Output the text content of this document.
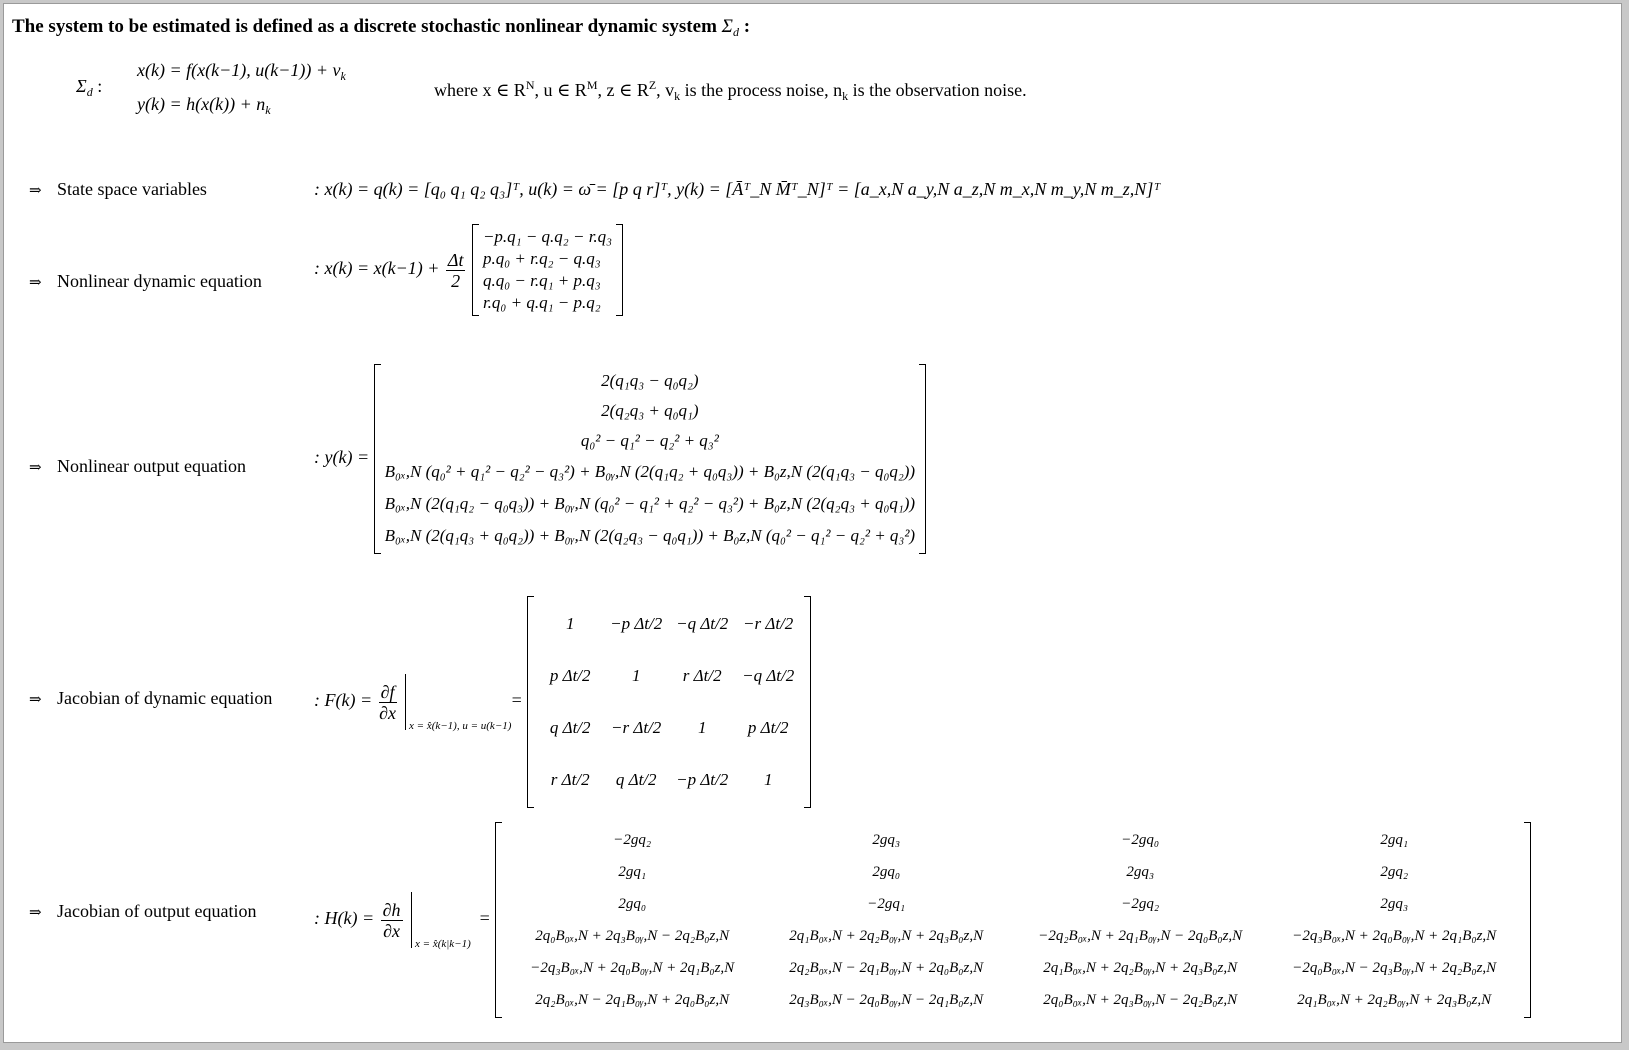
The system to be estimated is defined as a discrete stochastic nonlinear dynamic system $\Sigma_d$ :
$\Sigma_d$ :
x(k) = f(x(k−1), $u(k-1)) + v_k$
$y(k) = h(x(k)) + n_k$
where x ∈ $R^N$, u ∈ $R^M$, z ∈ $R^Z$, $v_k$ is the process noise, $n_k$ is the observation noise.
⇒ State space variables	: x(k) = q(k) = [q₀ q₁ q₂ q₃]ᵀ, u(k) = ω̄ = [p q r]ᵀ, y(k) = [Āᵀ_N M̄ᵀ_N]ᵀ = [a_x,N a_y,N a_z,N m_x,N m_y,N m_z,N]ᵀ
⇒ Nonlinear dynamic equation
: $x(k) = x(k-1) + \frac{\Delta t}{2}$

−p.q₁ − q.q₂ − r.q₃
p.q₀ + r.q₂ − q.q₃
q.q₀ − r.q₁ + p.q₃
r.q₀ + q.q₁ − p.q₂
⇒ Nonlinear output equation	: y(k) =
2(q₁q₃ − q₀q₂)
2(q₂q₃ + q₀q₁)
q₀² − q₁² − q₂² + q₃²
B₀ₓ,N (q₀² + q₁² − q₂² − q₃²) + B₀ᵧ,N (2(q₁q₂ + q₀q₃)) + B₀z,N (2(q₁q₃ − q₀q₂))
B₀ₓ,N (2(q₁q₂ − q₀q₃)) + B₀ᵧ,N (q₀² − q₁² + q₂² − q₃²) + B₀z,N (2(q₂q₃ + q₀q₁))
B₀ₓ,N (2(q₁q₃ + q₀q₂)) + B₀ᵧ,N (2(q₂q₃ − q₀q₁)) + B₀z,N (q₀² − q₁² − q₂² + q₃²)
⇒ Jacobian of dynamic equation : $F(k) = \frac{\partial f}{\partial x}$

x = x̂(k−1), u = u(k−1)
=
1	−p Δt/2	−q Δt/2	−r Δt/2
p Δt/2	1	r Δt/2	−q Δt/2
q Δt/2	−r Δt/2	1	p Δt/2
r Δt/2	q Δt/2	−p Δt/2	1
⇒ Jacobian of output equation	: $H(k) = \frac{\partial h}{\partial x}$

x = x̂(k|k−1)
=
−2gq₂	2gq₃	−2gq₀	2gq₁
2gq₁	2gq₀	2gq₃	2gq₂
2gq₀	−2gq₁	−2gq₂	2gq₃
2q₀B₀ₓ,N + 2q₃B₀ᵧ,N − 2q₂B₀z,N	2q₁B₀ₓ,N + 2q₂B₀ᵧ,N + 2q₃B₀z,N	−2q₂B₀ₓ,N + 2q₁B₀ᵧ,N − 2q₀B₀z,N	−2q₃B₀ₓ,N + 2q₀B₀ᵧ,N + 2q₁B₀z,N
−2q₃B₀ₓ,N + 2q₀B₀ᵧ,N + 2q₁B₀z,N	2q₂B₀ₓ,N − 2q₁B₀ᵧ,N + 2q₀B₀z,N	2q₁B₀ₓ,N + 2q₂B₀ᵧ,N + 2q₃B₀z,N	−2q₀B₀ₓ,N − 2q₃B₀ᵧ,N + 2q₂B₀z,N
2q₂B₀ₓ,N − 2q₁B₀ᵧ,N + 2q₀B₀z,N	2q₃B₀ₓ,N − 2q₀B₀ᵧ,N − 2q₁B₀z,N	2q₀B₀ₓ,N + 2q₃B₀ᵧ,N − 2q₂B₀z,N	2q₁B₀ₓ,N + 2q₂B₀ᵧ,N + 2q₃B₀z,N
